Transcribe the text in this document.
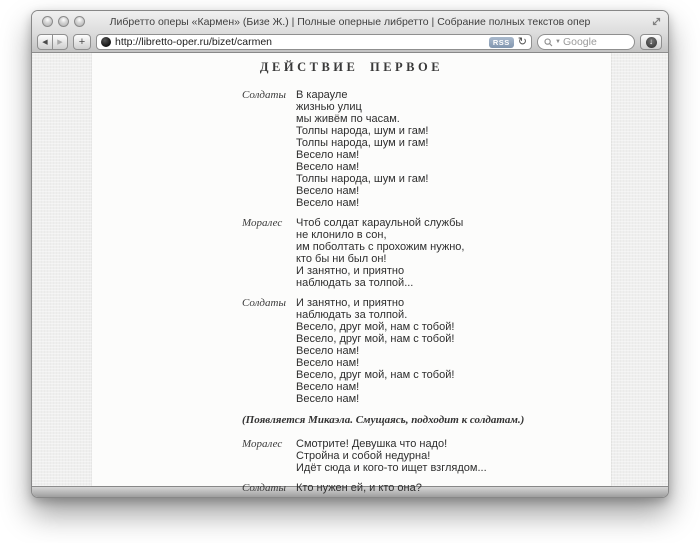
Либретто оперы «Кармен» (Бизе Ж.) | Полные оперные либретто | Собрание полных текстов опер
◀ ▶ +
http://libretto-oper.ru/bizet/carmen	RSS ↻	▼
Google	↓
ДЕЙСТВИЕ ПЕРВОЕ
Солдаты В карауле
жизнью улиц
мы живём по часам.
Толпы народа, шум и гам!
Толпы народа, шум и гам!
Весело нам!
Весело нам!
Толпы народа, шум и гам!
Весело нам!
Весело нам!
Моралес	Чтоб солдат караульной службы
не клонило в сон,
им поболтать с прохожим нужно,
кто бы ни был он!
И занятно, и приятно
наблюдать за толпой...
Солдаты И занятно, и приятно
наблюдать за толпой.
Весело, друг мой, нам с тобой!
Весело, друг мой, нам с тобой!
Весело нам!
Весело нам!
Весело, друг мой, нам с тобой!
Весело нам!
Весело нам!
(Появляется Микаэла. Смущаясь, подходит к солдатам.)
Моралес	Смотрите! Девушка что надо!
Стройна и собой недурна!
Идёт сюда и кого-то ищет взглядом...
Солдаты Кто нужен ей, и кто она?
